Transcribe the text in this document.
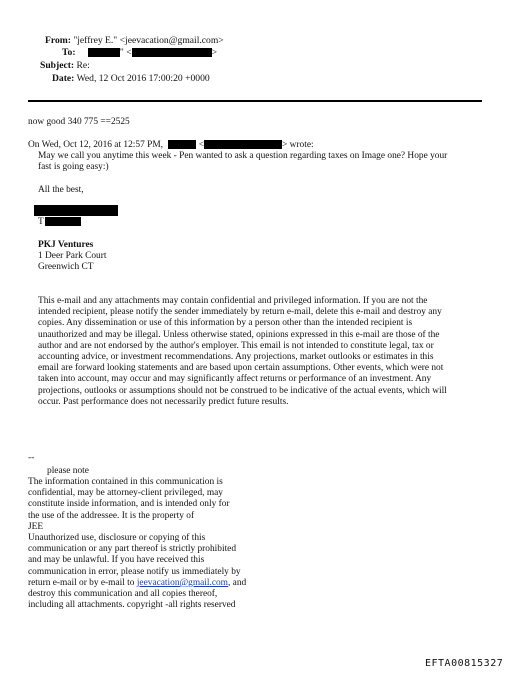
From: "jeffrey E." <jeevacation@gmail.com>
To:	" <	>
Subject: Re:
Date: Wed, 12 Oct 2016 17:00:20 +0000
now good 340 775 ==2525
On Wed, Oct 12, 2016 at 12:57 PM,	<	> wrote:
May we call you anytime this week - Pen wanted to ask a question regarding taxes on Image one? Hope your
fast is going easy:)
All the best,
T
PKJ Ventures
1 Deer Park Court
Greenwich CT
This e-mail and any attachments may contain confidential and privileged information. If you are not the
intended recipient, please notify the sender immediately by return e-mail, delete this e-mail and destroy any
copies. Any dissemination or use of this information by a person other than the intended recipient is
unauthorized and may be illegal. Unless otherwise stated, opinions expressed in this e-mail are those of the
author and are not endorsed by the author's employer. This email is not intended to constitute legal, tax or
accounting advice, or investment recommendations. Any projections, market outlooks or estimates in this
email are forward looking statements and are based upon certain assumptions. Other events, which were not
taken into account, may occur and may significantly affect returns or performance of an investment. Any
projections, outlooks or assumptions should not be construed to be indicative of the actual events, which will
occur. Past performance does not necessarily predict future results.
--
please note
The information contained in this communication is
confidential, may be attorney-client privileged, may
constitute inside information, and is intended only for
the use of the addressee. It is the property of
JEE
Unauthorized use, disclosure or copying of this
communication or any part thereof is strictly prohibited
and may be unlawful. If you have received this
communication in error, please notify us immediately by
return e-mail or by e-mail to jeevacation@gmail.com, and
destroy this communication and all copies thereof,
including all attachments. copyright -all rights reserved
EFTA00815327
